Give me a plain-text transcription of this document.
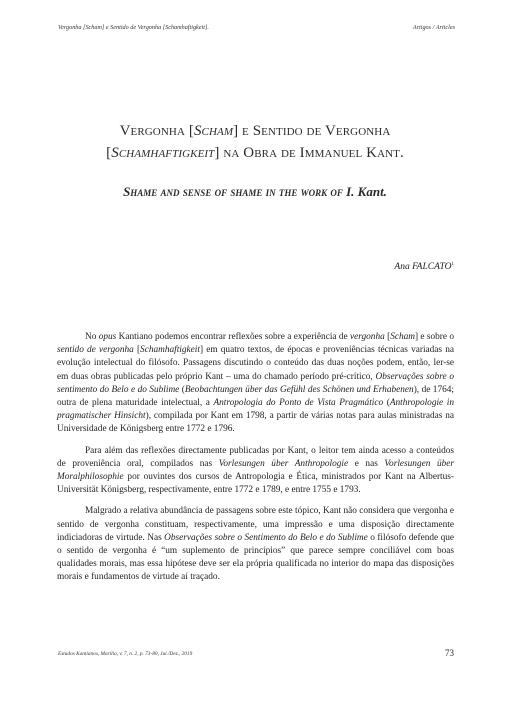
Vergonha [Scham] e Sentido de Vergonha [Schamhaftigkeit].	Artigos / Articles
Vergonha [Scham] e Sentido de Vergonha
[Schamhaftigkeit] na Obra de Immanuel Kant.
Shame and sense of shame in the work of I. Kant.
Ana FALCATO$^1$

No opus Kantiano podemos encontrar reflexões sobre a experiência de vergonha [Scham] e sobre o sentido de vergonha [Schamhaftigkeit] em quatro textos, de épocas e proveniências técnicas variadas na evolução intelectual do filósofo. Passagens discutindo o conteúdo das duas noções podem, então, ler-se em duas obras publicadas pelo próprio Kant – uma do chamado período pré-crítico, Observações sobre o sentimento do Belo e do Sublime (Beobachtungen über das Gefühl des Schönen und Erhabenen), de 1764; outra de plena maturidade intelectual, a Antropologia do Ponto de Vista Pragmático (Anthropologie in pragmatischer Hinsicht), compilada por Kant em 1798, a partir de várias notas para aulas ministradas na Universidade de Königsberg entre 1772 e 1796.

Para além das reflexões directamente publicadas por Kant, o leitor tem ainda acesso a conteúdos de proveniência oral, compilados nas Vorlesungen über Anthropologie e nas Vorlesungen über Moralphilosophie por ouvintes dos cursos de Antropologia e Ética, ministrados por Kant na Albertus-Universität Königsberg, respectivamente, entre 1772 e 1789, e entre 1755 e 1793.

Malgrado a relativa abundância de passagens sobre este tópico, Kant não considera que vergonha e sentido de vergonha constituam, respectivamente, uma impressão e uma disposição directamente indiciadoras de virtude. Nas Observações sobre o Sentimento do Belo e do Sublime o filósofo defende que o sentido de vergonha é “um suplemento de princípios” que parece sempre conciliável com boas qualidades morais, mas essa hipótese deve ser ela própria qualificada no interior do mapa das disposições morais e fundamentos de virtude aí traçado.

Estudos Kantianos, Marília, v. 7, n. 2, p. 73-80, Jul./Dez., 2019	73
